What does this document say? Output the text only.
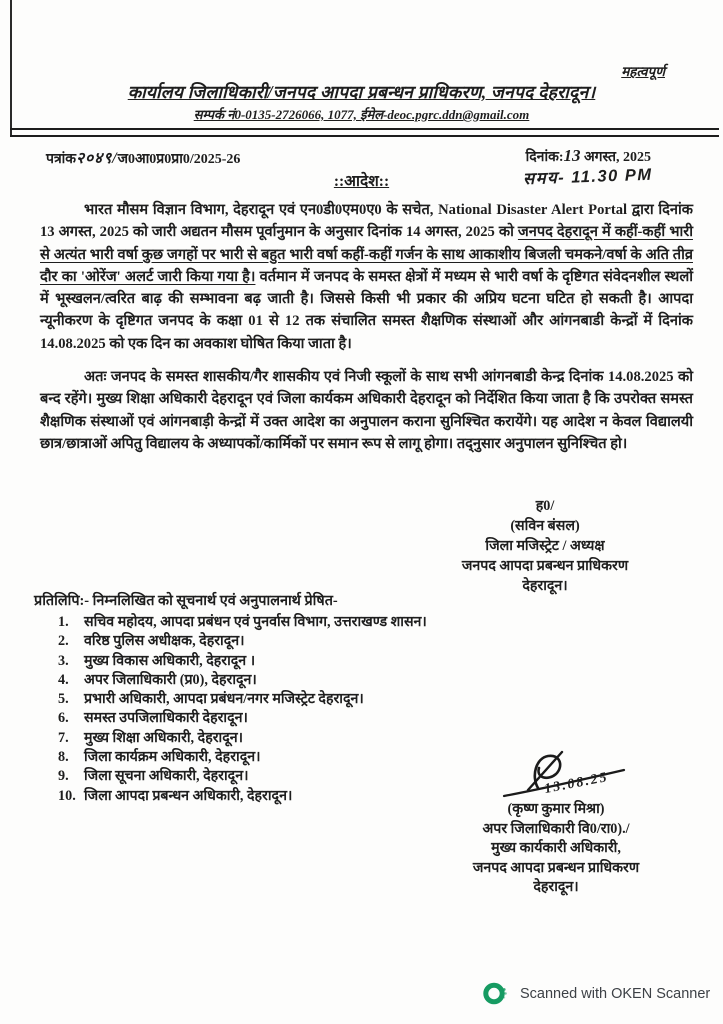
महत्वपूर्ण
कार्यालय जिलाधिकारी/जनपद आपदा प्रबन्धन प्राधिकरण, जनपद देहरादून।
सम्पर्क नं0-0135-2726066, 1077, ईमेल-deoc.pgrc.ddn@gmail.com
पत्रांक२०४९/ज0आ0प्र0प्रा0/2025-26	दिनांक:13 अगस्त, 2025
::आदेश::	समय- 11.30 PM
भारत मौसम विज्ञान विभाग, देहरादून एवं एन0डी0एम0ए0 के सचेत, National Disaster Alert Portal द्वारा दिनांक 13 अगस्त, 2025 को जारी अद्यतन मौसम पूर्वानुमान के अनुसार दिनांक 14 अगस्त, 2025 को जनपद देहरादून में कहीं-कहीं भारी से अत्यंत भारी वर्षा कुछ जगहों पर भारी से बहुत भारी वर्षा कहीं-कहीं गर्जन के साथ आकाशीय बिजली चमकने/वर्षा के अति तीव्र दौर का 'ओरेंज' अलर्ट जारी किया गया है। वर्तमान में जनपद के समस्त क्षेत्रों में मध्यम से भारी वर्षा के दृष्टिगत संवेदनशील स्थलों में भूस्खलन/त्वरित बाढ़ की सम्भावना बढ़ जाती है। जिससे किसी भी प्रकार की अप्रिय घटना घटित हो सकती है। आपदा न्यूनीकरण के दृष्टिगत जनपद के कक्षा 01 से 12 तक संचालित समस्त शैक्षणिक संस्थाओं और आंगनबाडी केन्द्रों में दिनांक 14.08.2025 को एक दिन का अवकाश घोषित किया जाता है।
अतः जनपद के समस्त शासकीय/गैर शासकीय एवं निजी स्कूलों के साथ सभी आंगनबाडी केन्द्र दिनांक 14.08.2025 को बन्द रहेंगे। मुख्य शिक्षा अधिकारी देहरादून एवं जिला कार्यकम अधिकारी देहरादून को निर्देशित किया जाता है कि उपरोक्त समस्त शैक्षणिक संस्थाओं एवं आंगनबाड़ी केन्द्रों में उक्त आदेश का अनुपालन कराना सुनिश्चित करायेंगे। यह आदेश न केवल विद्यालयी छात्र/छात्राओं अपितु विद्यालय के अध्यापकों/कार्मिकों पर समान रूप से लागू होगा। तद्नुसार अनुपालन सुनिश्चित हो।
ह0/
(सविन बंसल)
जिला मजिस्ट्रेट / अध्यक्ष
जनपद आपदा प्रबन्धन प्राधिकरण
देहरादून।
प्रतिलिपि:- निम्नलिखित को सूचनार्थ एवं अनुपालनार्थ प्रेषित-
सचिव महोदय, आपदा प्रबंधन एवं पुनर्वास विभाग, उत्तराखण्ड शासन।
वरिष्ठ पुलिस अधीक्षक, देहरादून।
मुख्य विकास अधिकारी, देहरादून ।
अपर जिलाधिकारी (प्र0), देहरादून।
प्रभारी अधिकारी, आपदा प्रबंधन/नगर मजिस्ट्रेट देहरादून।
समस्त उपजिलाधिकारी देहरादून।
मुख्य शिक्षा अधिकारी, देहरादून।
जिला कार्यक्रम अधिकारी, देहरादून।
जिला सूचना अधिकारी, देहरादून।
जिला आपदा प्रबन्धन अधिकारी, देहरादून।	13.08.25
(कृष्ण कुमार मिश्रा)
अपर जिलाधिकारी वि0/रा0)./
मुख्य कार्यकारी अधिकारी,
जनपद आपदा प्रबन्धन प्राधिकरण
देहरादून।
Scanned with OKEN Scanner
